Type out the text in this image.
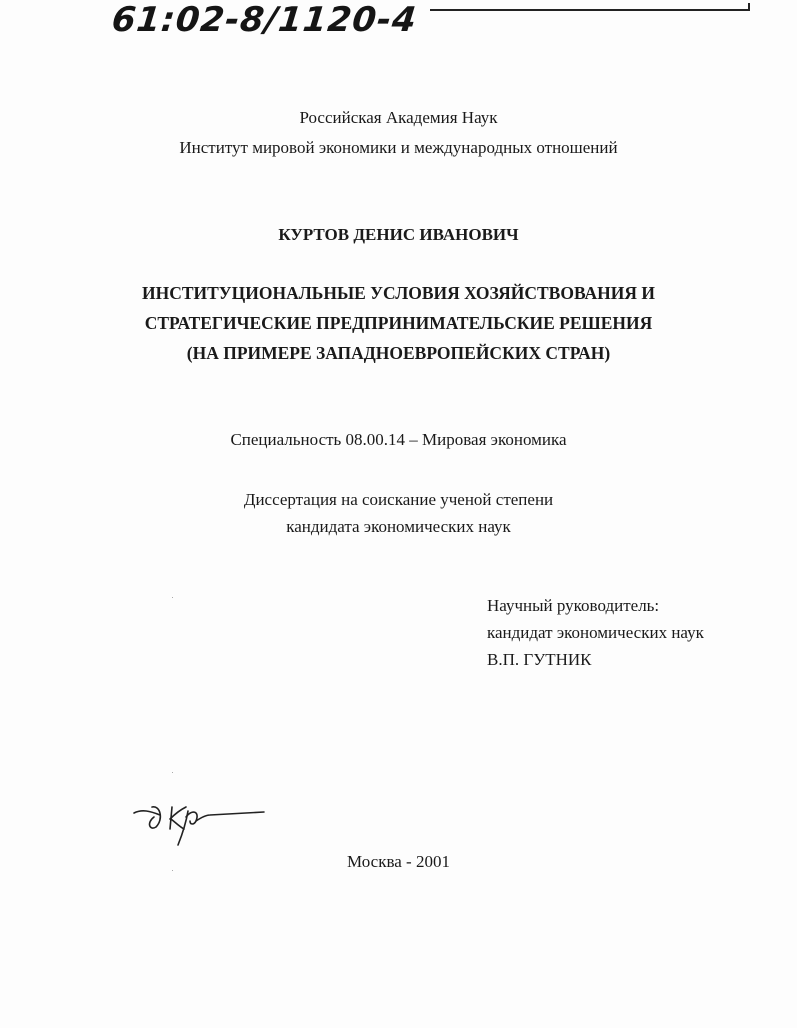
61:02-8/1120-4
Российская Академия Наук
Институт мировой экономики и международных отношений
КУРТОВ ДЕНИС ИВАНОВИЧ
ИНСТИТУЦИОНАЛЬНЫЕ УСЛОВИЯ ХОЗЯЙСТВОВАНИЯ И
СТРАТЕГИЧЕСКИЕ ПРЕДПРИНИМАТЕЛЬСКИЕ РЕШЕНИЯ
(НА ПРИМЕРЕ ЗАПАДНОЕВРОПЕЙСКИХ СТРАН)
Специальность 08.00.14 – Мировая экономика
Диссертация на соискание ученой степени
кандидата экономических наук
Научный руководитель:
кандидат экономических наук
В.П. ГУТНИК
Москва - 2001
